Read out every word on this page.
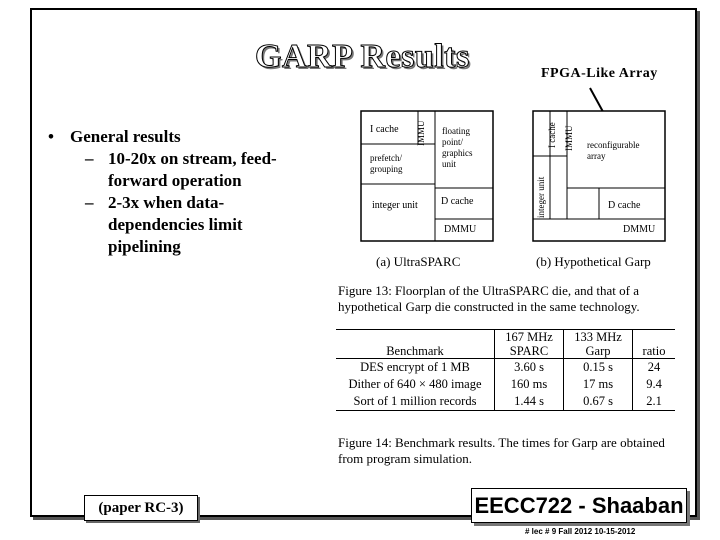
GARP Results	FPGA-Like Array
• General results
– 10-20x on stream, feed-
forward operation
– 2-3x when data-
dependencies limit
pipelining
I cache IMMU floating
point/
graphics
unit
prefetch/
grouping
integer unit D cache
DMMU
I cache IMMU reconfigurable
array
integer unit	D cache
DMMU
(a) UltraSPARC	(b) Hypothetical Garp
Figure 13: Floorplan of the UltraSPARC die, and that of a
hypothetical Garp die constructed in the same technology.
	167 MHz	133 MHz	
Benchmark	SPARC	Garp	ratio
DES encrypt of 1 MB	3.60 s	0.15 s	24
Dither of 640 × 480 image	160 ms	17 ms	9.4
Sort of 1 million records	1.44 s	0.67 s	2.1
Figure 14: Benchmark results. The times for Garp are obtained
from program simulation.
(paper RC-3)	EECC722 - Shaaban
# lec # 9 Fall 2012 10-15-2012
